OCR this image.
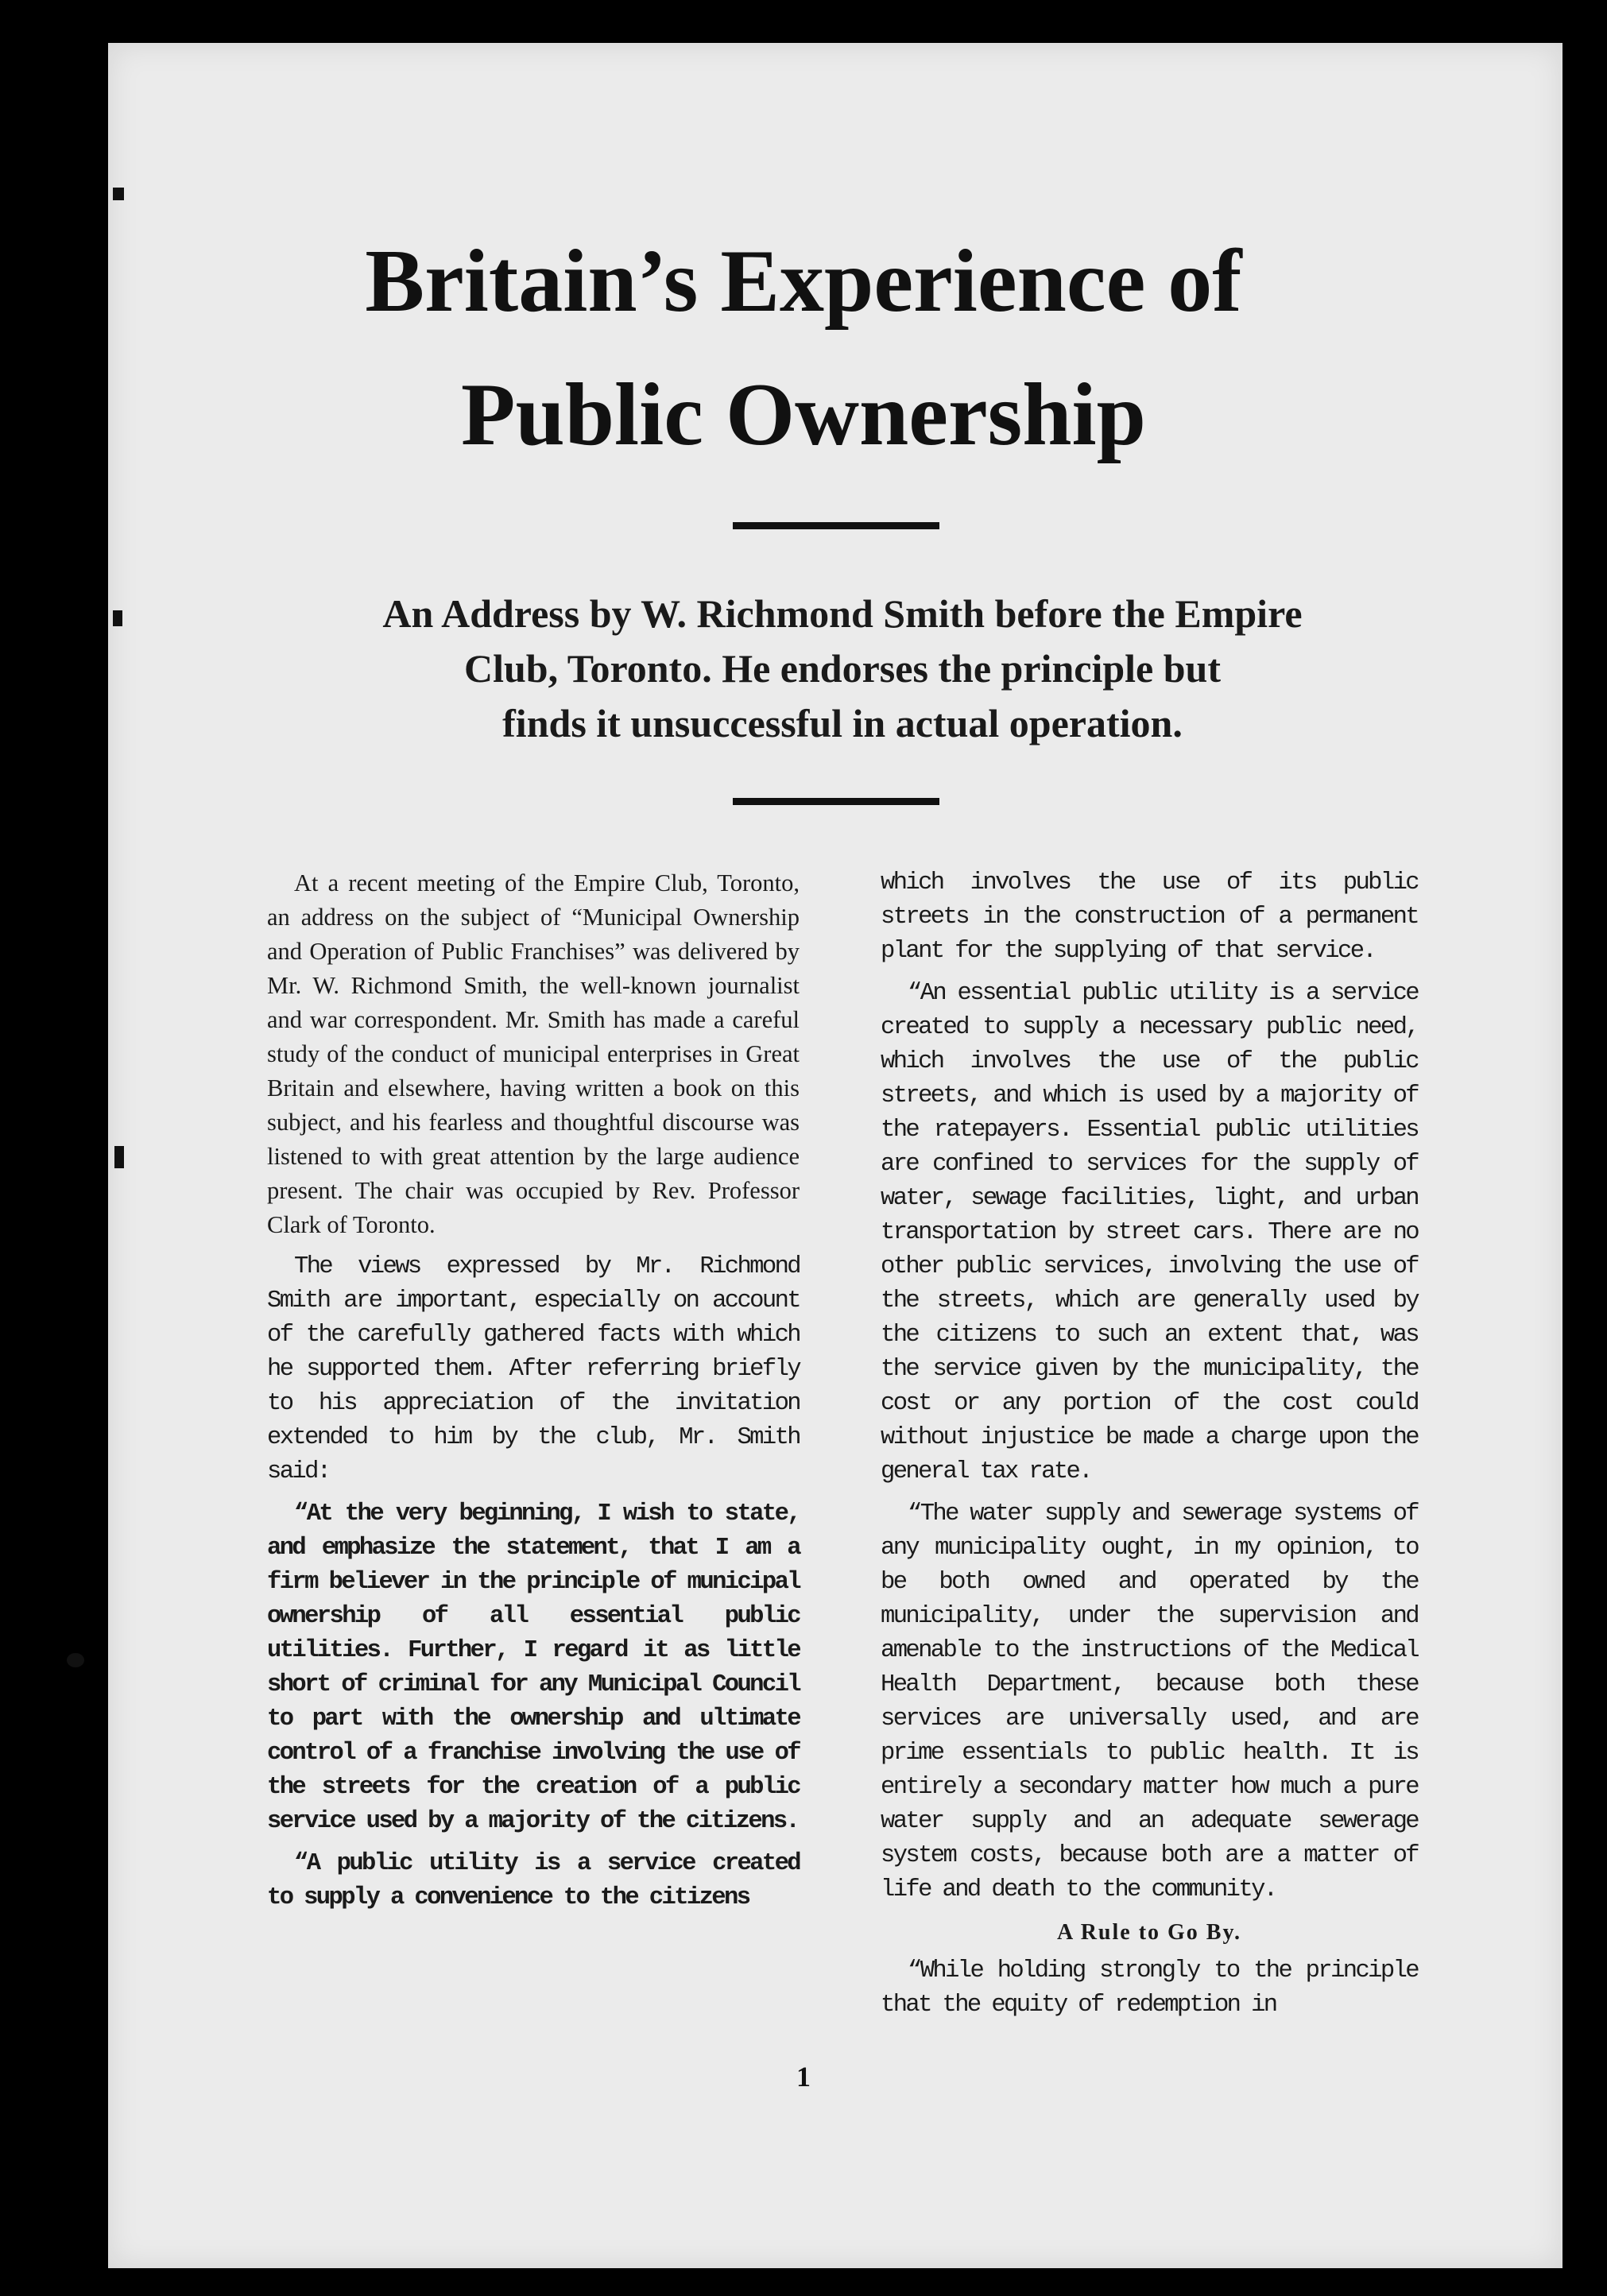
Britain’s Experience of
Public Ownership
An Address by W. Richmond Smith before the Empire
Club, Toronto. He endorses the principle but
finds it unsuccessful in actual operation.

At a recent meeting of the Empire Club, Toronto, an address on the subject of “Municipal Ownership and Operation of Public Franchises” was delivered by Mr. W. Richmond Smith, the well-known journalist and war correspondent. Mr. Smith has made a careful study of the conduct of municipal enterprises in Great Britain and elsewhere, having written a book on this subject, and his fearless and thoughtful discourse was listened to with great attention by the large audience present. The chair was occupied by Rev. Professor Clark of Toronto.

The views expressed by Mr. Richmond Smith are important, especially on account of the carefully gathered facts with which he supported them. After referring briefly to his appreciation of the invitation extended to him by the club, Mr. Smith said:

“At the very beginning, I wish to state, and emphasize the statement, that I am a firm believer in the principle of municipal ownership of all essential public utilities. Further, I regard it as little short of criminal for any Municipal Council to part with the ownership and ultimate control of a franchise involving the use of the streets for the creation of a public service used by a majority of the citizens.

“A public utility is a service created to supply a convenience to the citizens

which involves the use of its public streets in the construction of a permanent plant for the supplying of that service.

“An essential public utility is a service created to supply a necessary public need, which involves the use of the public streets, and which is used by a majority of the ratepayers. Essential public utilities are confined to services for the supply of water, sewage facilities, light, and urban transportation by street cars. There are no other public services, involving the use of the streets, which are generally used by the citizens to such an extent that, was the service given by the municipality, the cost or any portion of the cost could without injustice be made a charge upon the general tax rate.

“The water supply and sewerage systems of any municipality ought, in my opinion, to be both owned and operated by the municipality, under the supervision and amenable to the instructions of the Medical Health Department, because both these services are universally used, and are prime essentials to public health. It is entirely a secondary matter how much a pure water supply and an adequate sewerage system costs, because both are a matter of life and death to the community.

A Rule to Go By.

“While holding strongly to the principle that the equity of redemption in

1
